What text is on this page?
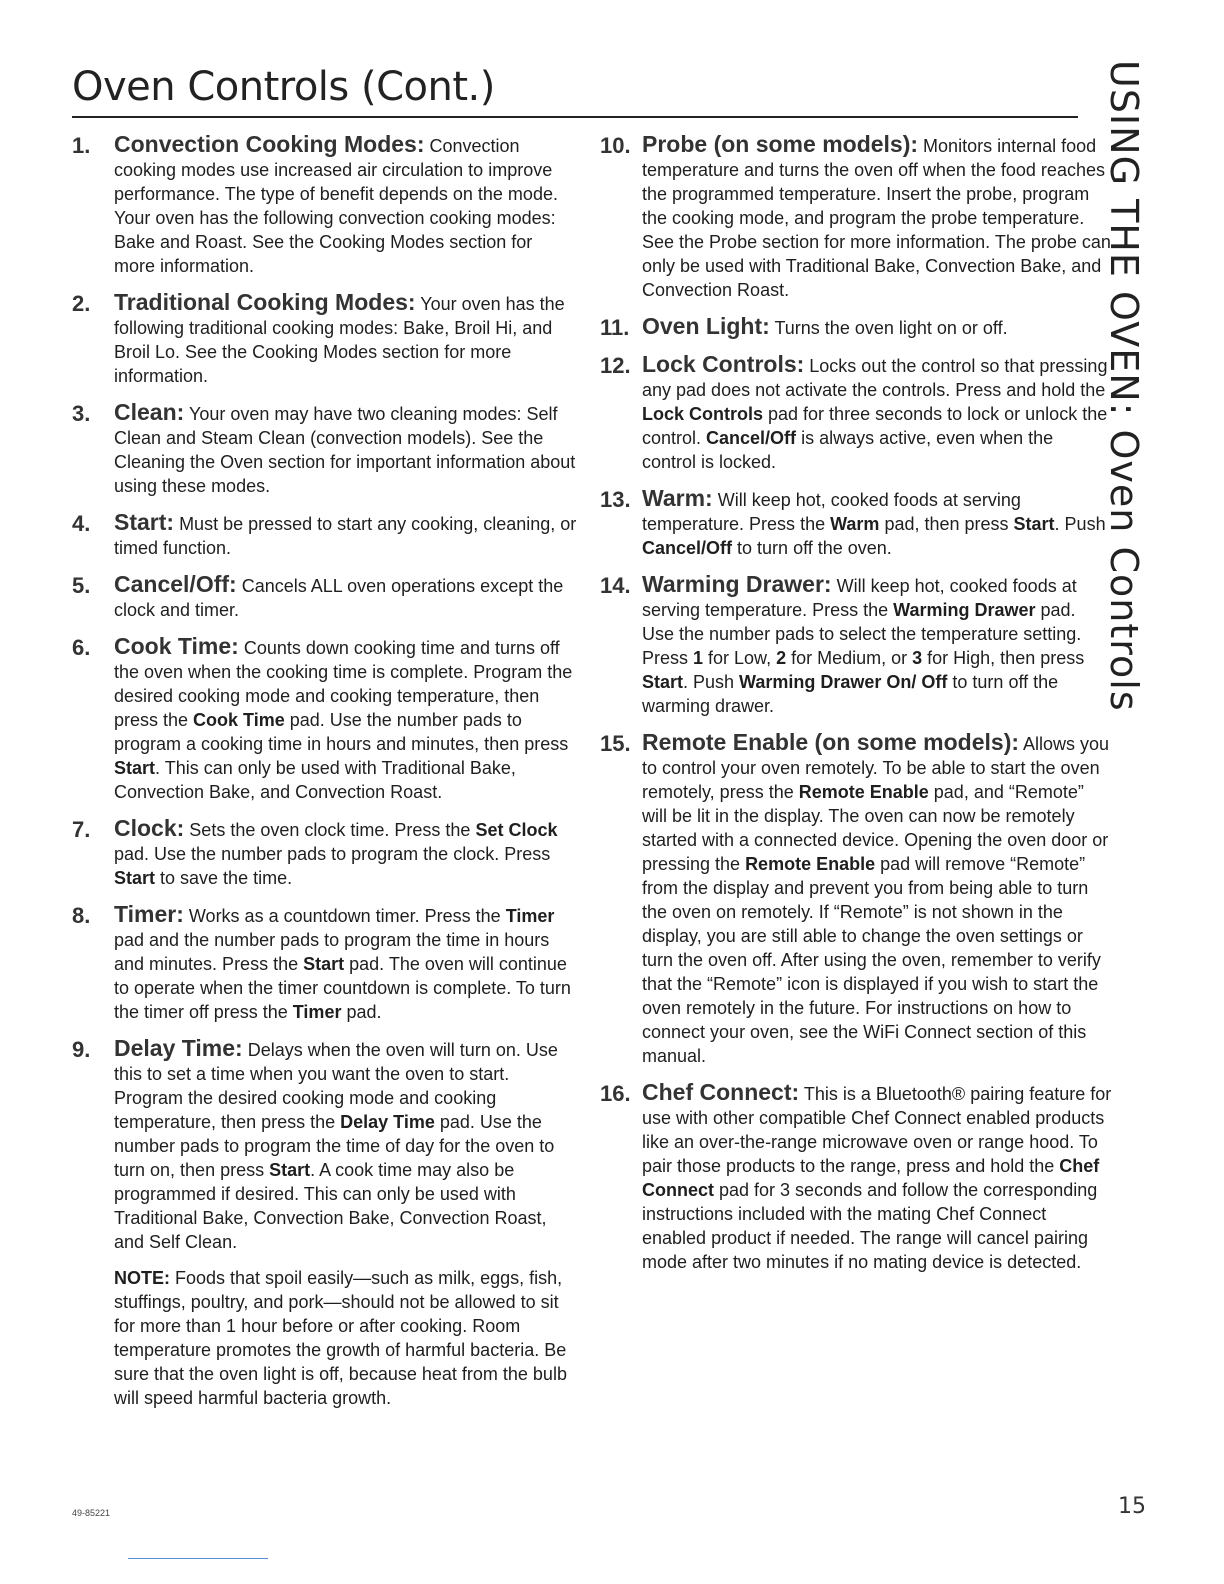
Oven Controls (Cont.)	USING THE OVEN: Oven Controls
1. Convection Cooking Modes: Convection cooking modes use increased air circulation to improve performance. The type of benefit depends on the mode. Your oven has the following convection cooking modes: Bake and Roast. See the Cooking Modes section for more information.
2. Traditional Cooking Modes: Your oven has the following traditional cooking modes: Bake, Broil Hi, and Broil Lo. See the Cooking Modes section for more information.
3. Clean: Your oven may have two cleaning modes: Self Clean and Steam Clean (convection models). See the Cleaning the Oven section for important information about using these modes.
4. Start: Must be pressed to start any cooking, cleaning, or timed function.
5. Cancel/Off: Cancels ALL oven operations except the clock and timer.
6. Cook Time: Counts down cooking time and turns off the oven when the cooking time is complete. Program the desired cooking mode and cooking temperature, then press the Cook Time pad. Use the number pads to program a cooking time in hours and minutes, then press Start. This can only be used with Traditional Bake, Convection Bake, and Convection Roast.
7. Clock: Sets the oven clock time. Press the Set Clock pad. Use the number pads to program the clock. Press Start to save the time.
8. Timer: Works as a countdown timer. Press the Timer pad and the number pads to program the time in hours and minutes. Press the Start pad. The oven will continue to operate when the timer countdown is complete. To turn the timer off press the Timer pad.
9. Delay Time: Delays when the oven will turn on. Use this to set a time when you want the oven to start. Program the desired cooking mode and cooking temperature, then press the Delay Time pad. Use the number pads to program the time of day for the oven to turn on, then press Start. A cook time may also be programmed if desired. This can only be used with Traditional Bake, Convection Bake, Convection Roast, and Self Clean.

NOTE: Foods that spoil easily—such as milk, eggs, fish, stuffings, poultry, and pork—should not be allowed to sit for more than 1 hour before or after cooking. Room temperature promotes the growth of harmful bacteria. Be sure that the oven light is off, because heat from the bulb will speed harmful bacteria growth.

10. Probe (on some models): Monitors internal food temperature and turns the oven off when the food reaches the programmed temperature. Insert the probe, program the cooking mode, and program the probe temperature. See the Probe section for more information. The probe can only be used with Traditional Bake, Convection Bake, and Convection Roast.
11. Oven Light: Turns the oven light on or off.
12. Lock Controls: Locks out the control so that pressing any pad does not activate the controls. Press and hold the Lock Controls pad for three seconds to lock or unlock the control. Cancel/Off is always active, even when the control is locked.
13. Warm: Will keep hot, cooked foods at serving temperature. Press the Warm pad, then press Start. Push Cancel/Off to turn off the oven.
14. Warming Drawer: Will keep hot, cooked foods at serving temperature. Press the Warming Drawer pad. Use the number pads to select the temperature setting. Press 1 for Low, 2 for Medium, or 3 for High, then press Start. Push Warming Drawer On/ Off to turn off the warming drawer.
15. Remote Enable (on some models): Allows you to control your oven remotely. To be able to start the oven remotely, press the Remote Enable pad, and “Remote” will be lit in the display. The oven can now be remotely started with a connected device. Opening the oven door or pressing the Remote Enable pad will remove “Remote” from the display and prevent you from being able to turn the oven on remotely. If “Remote” is not shown in the display, you are still able to change the oven settings or turn the oven off. After using the oven, remember to verify that the “Remote” icon is displayed if you wish to start the oven remotely in the future. For instructions on how to connect your oven, see the WiFi Connect section of this manual.
16. Chef Connect: This is a Bluetooth® pairing feature for use with other compatible Chef Connect enabled products like an over-the-range microwave oven or range hood. To pair those products to the range, press and hold the Chef Connect pad for 3 seconds and follow the corresponding instructions included with the mating Chef Connect enabled product if needed. The range will cancel pairing mode after two minutes if no mating device is detected.
49-85221	15
